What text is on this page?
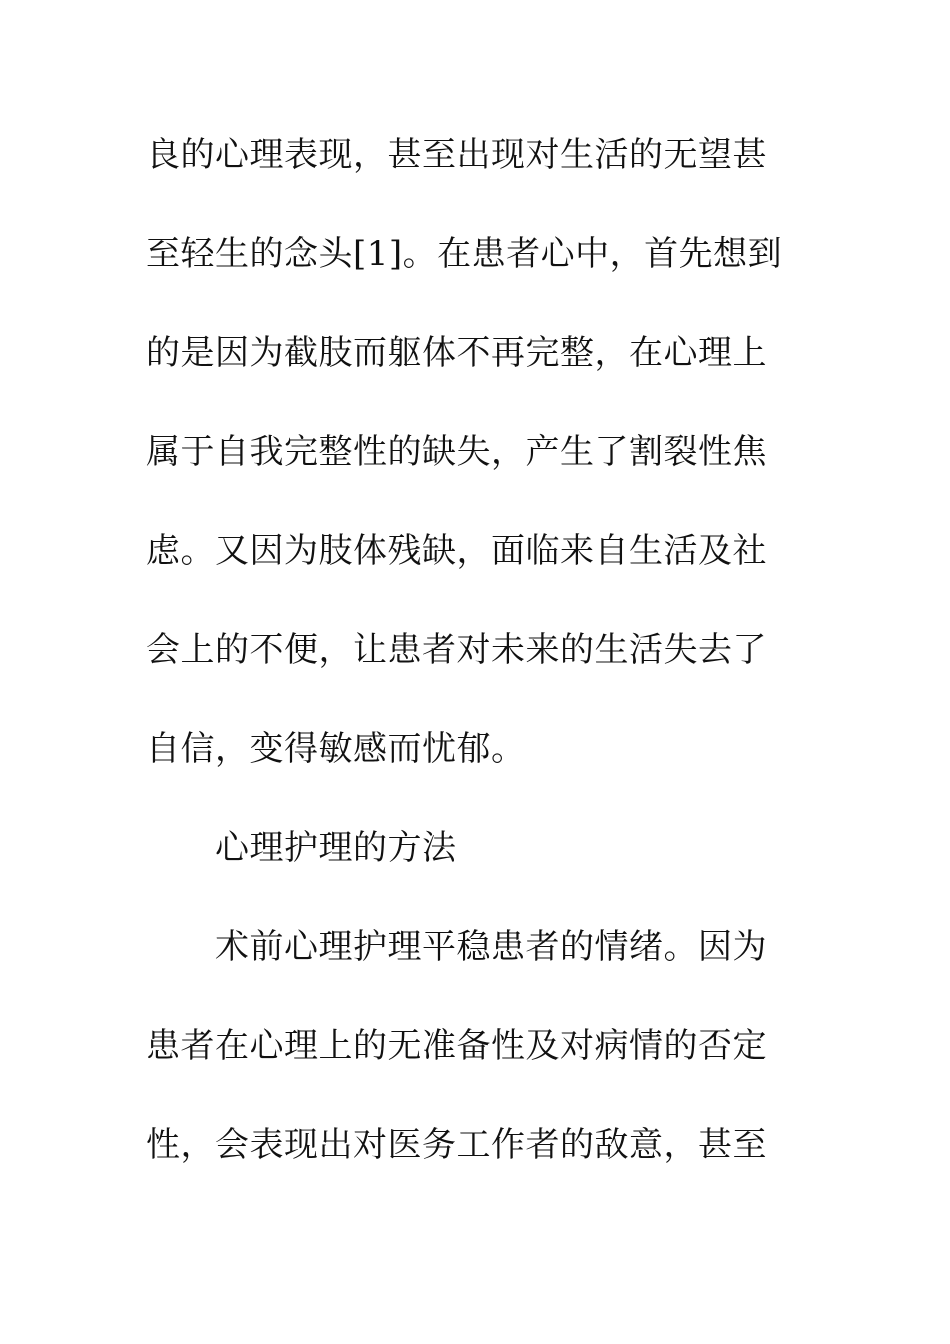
良的心理表现，甚至出现对生活的无望甚
至轻生的念头[1]。在患者心中，首先想到
的是因为截肢而躯体不再完整，在心理上
属于自我完整性的缺失，产生了割裂性焦
虑。又因为肢体残缺，面临来自生活及社
会上的不便，让患者对未来的生活失去了
自信，变得敏感而忧郁。
心理护理的方法
术前心理护理平稳患者的情绪。因为
患者在心理上的无准备性及对病情的否定
性，会表现出对医务工作者的敌意，甚至
